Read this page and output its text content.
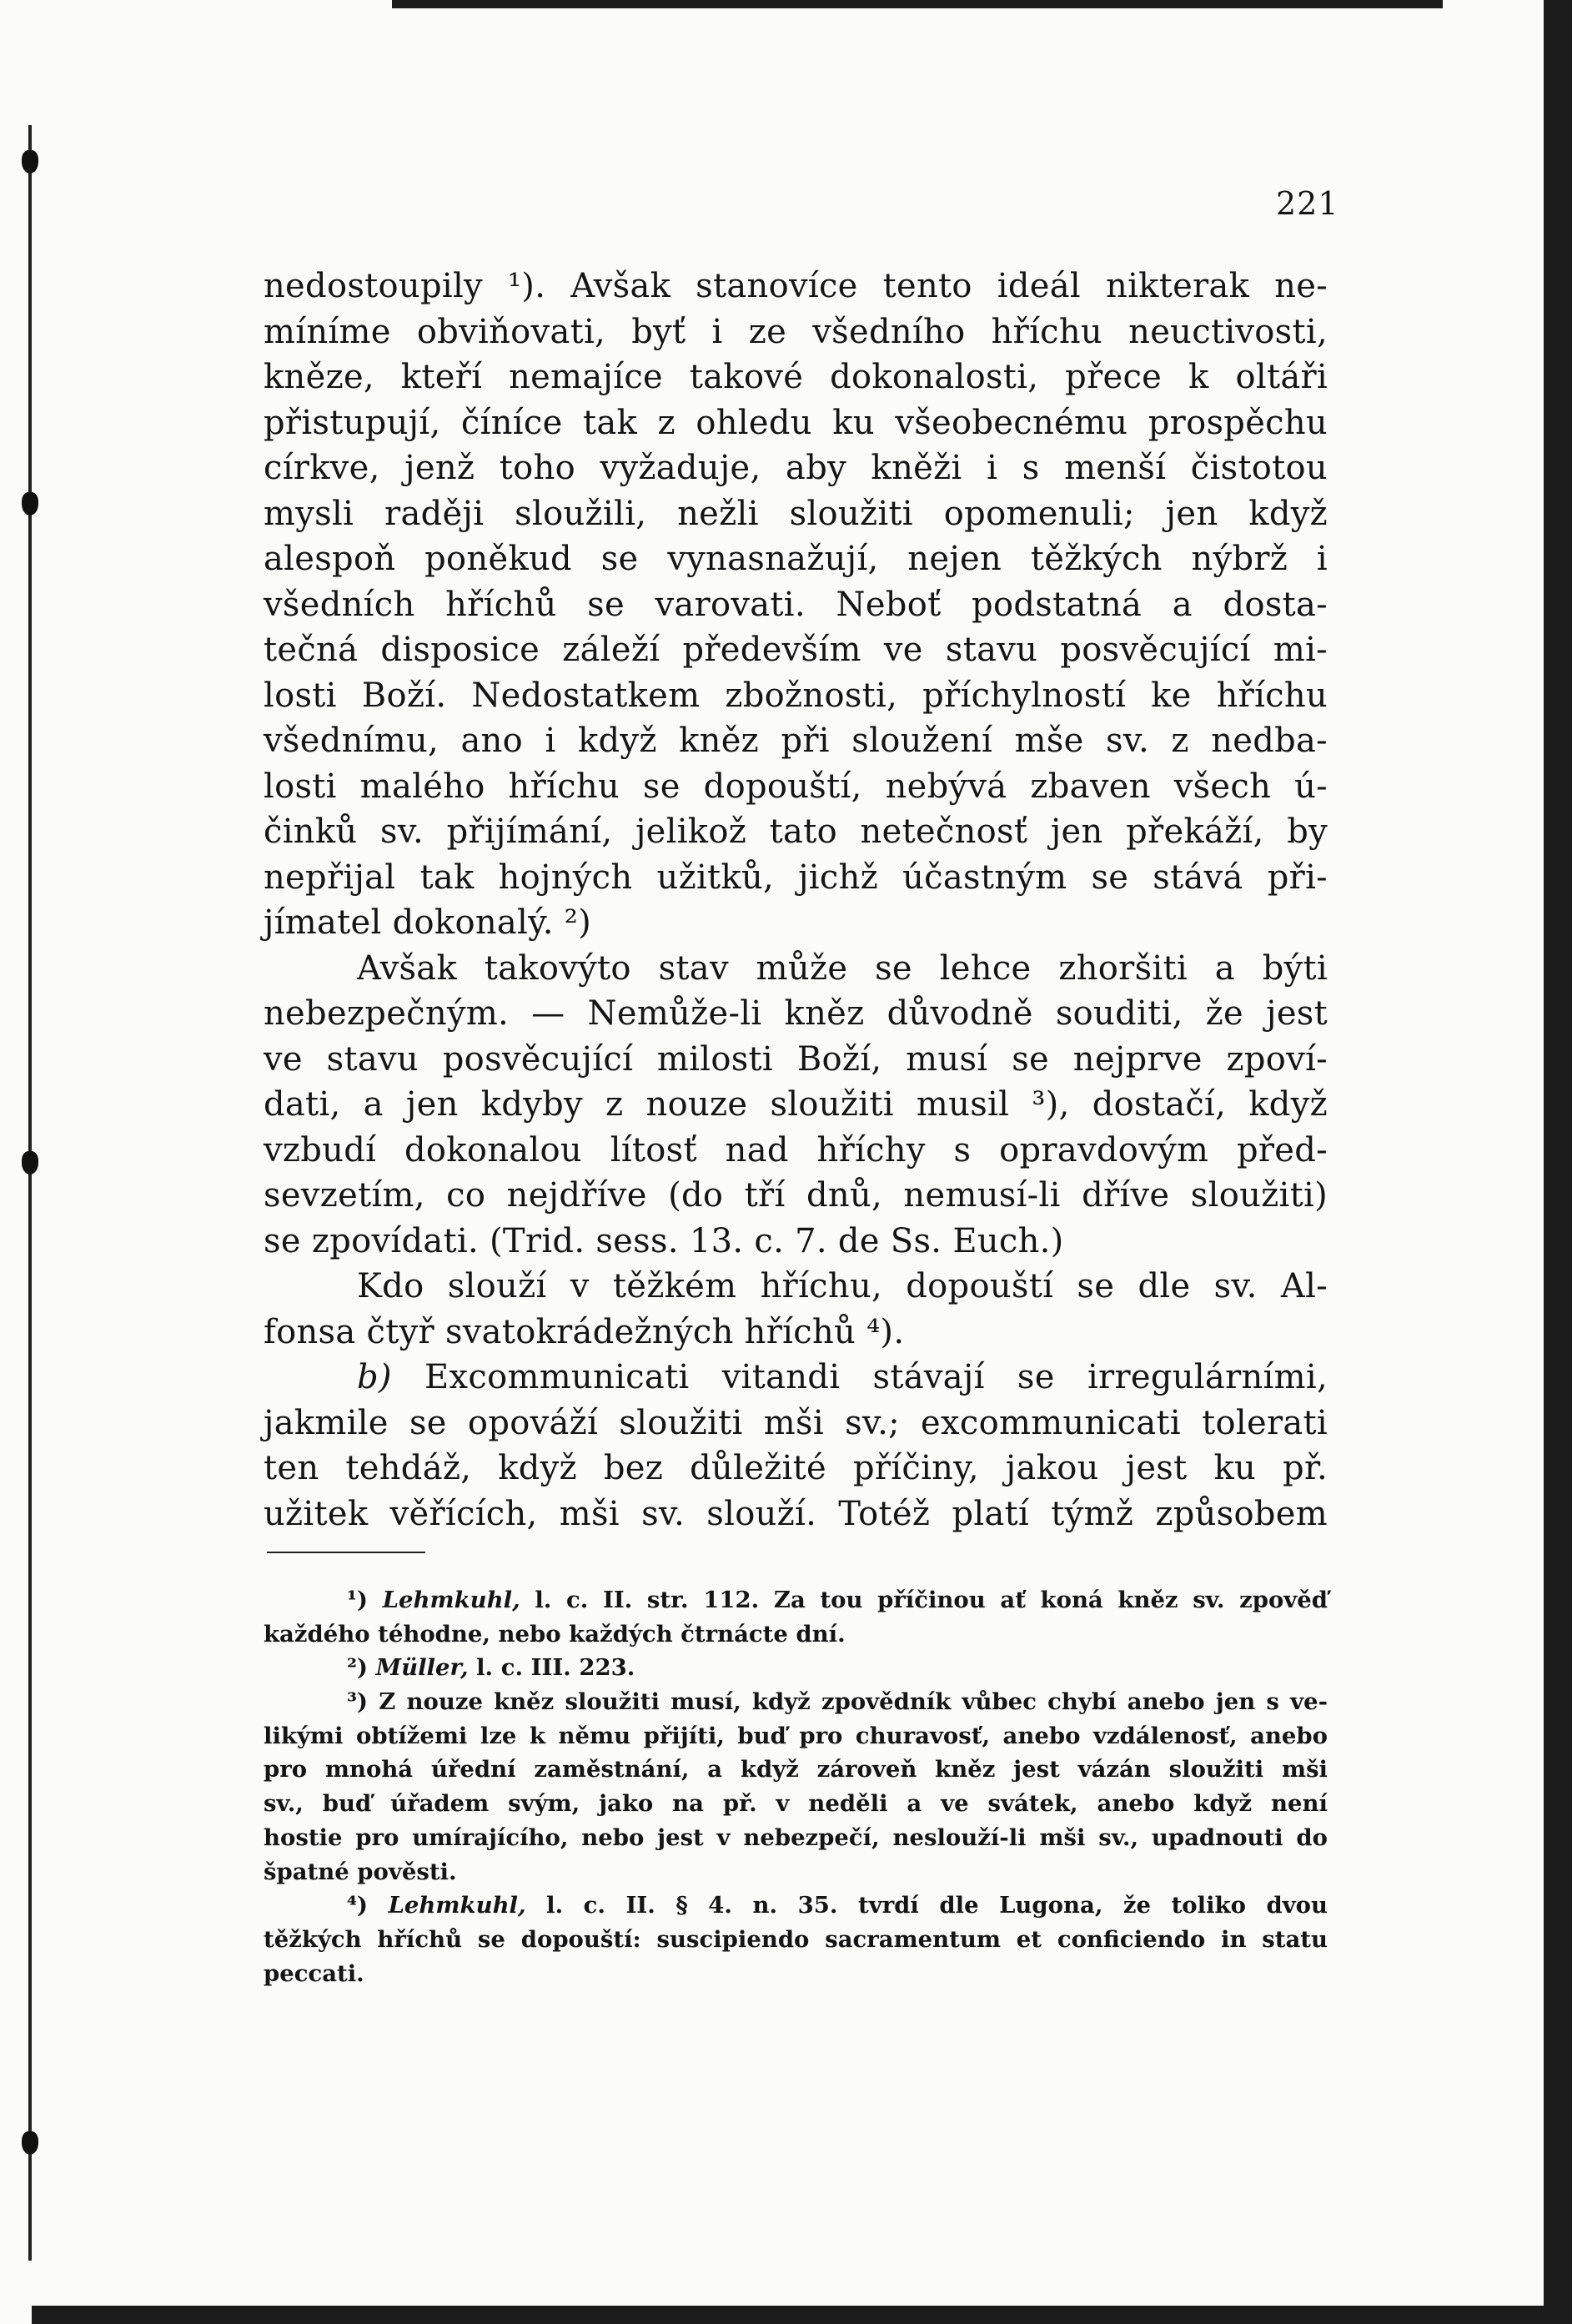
221
nedostoupily ¹). Avšak stanovíce tento ideál nikterak ne-
míníme obviňovati, byť i ze všedního hříchu neuctivosti,
kněze, kteří nemajíce takové dokonalosti, přece k oltáři
přistupují, číníce tak z ohledu ku všeobecnému prospěchu
církve, jenž toho vyžaduje, aby kněži i s menší čistotou
mysli raději sloužili, nežli sloužiti opomenuli; jen když
alespoň poněkud se vynasnažují, nejen těžkých nýbrž i
všedních hříchů se varovati. Neboť podstatná a dosta-
tečná disposice záleží především ve stavu posvěcující mi-
losti Boží. Nedostatkem zbožnosti, příchylností ke hříchu
všednímu, ano i když kněz při sloužení mše sv. z nedba-
losti malého hříchu se dopouští, nebývá zbaven všech ú-
činků sv. přijímání, jelikož tato netečnosť jen překáží, by
nepřijal tak hojných užitků, jichž účastným se stává při-
jímatel dokonalý. ²)
Avšak takovýto stav může se lehce zhoršiti a býti
nebezpečným. — Nemůže-li kněz důvodně souditi, že jest
ve stavu posvěcující milosti Boží, musí se nejprve zpoví-
dati, a jen kdyby z nouze sloužiti musil ³), dostačí, když
vzbudí dokonalou lítosť nad hříchy s opravdovým před-
sevzetím, co nejdříve (do tří dnů, nemusí-li dříve sloužiti)
se zpovídati. (Trid. sess. 13. c. 7. de Ss. Euch.)
Kdo slouží v těžkém hříchu, dopouští se dle sv. Al-
fonsa čtyř svatokrádežných hříchů ⁴).
b) Excommunicati vitandi stávají se irregulárními,
jakmile se opováží sloužiti mši sv.; excommunicati tolerati
ten tehdáž, když bez důležité příčiny, jakou jest ku př.
užitek věřících, mši sv. slouží. Totéž platí týmž způsobem
¹) Lehmkuhl, l. c. II. str. 112. Za tou příčinou ať koná kněz sv. zpověď
každého téhodne, nebo každých čtrnácte dní.
²) Müller, l. c. III. 223.
³) Z nouze kněz sloužiti musí, když zpovědník vůbec chybí anebo jen s ve-
likými obtížemi lze k němu přijíti, buď pro churavosť, anebo vzdálenosť, anebo
pro mnohá úřední zaměstnání, a když zároveň kněz jest vázán sloužiti mši
sv., buď úřadem svým, jako na př. v neděli a ve svátek, anebo když není
hostie pro umírajícího, nebo jest v nebezpečí, neslouží-li mši sv., upadnouti do
špatné pověsti.
⁴) Lehmkuhl, l. c. II. § 4. n. 35. tvrdí dle Lugona, že toliko dvou
těžkých hříchů se dopouští: suscipiendo sacramentum et conficiendo in statu
peccati.
